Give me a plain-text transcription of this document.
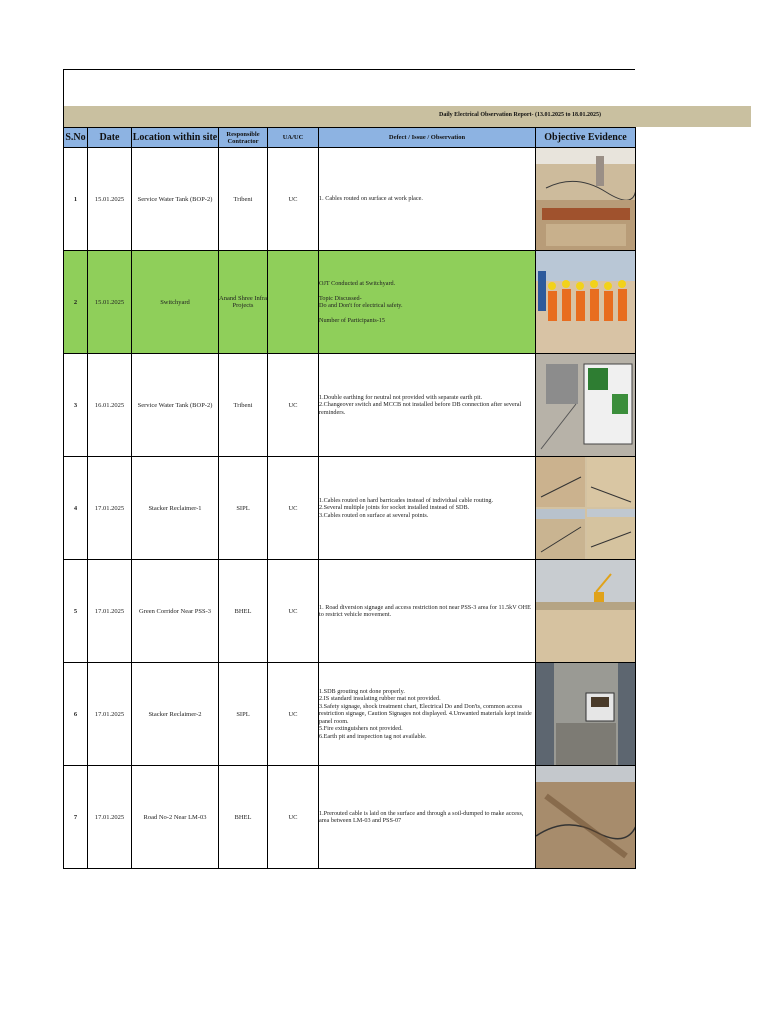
Daily Electrical Observation Report- (13.01.2025 to 18.01.2025)
S.No	Date	Location within site	Responsible Contractor	UA/UC	Defect / Issue / Observation	Objective Evidence
1	15.01.2025	Service Water Tank (BOP-2)	Tribeni	UC	1. Cables routed on surface at work place.

2	15.01.2025	Switchyard	Anand Shree Infra Projects		OJT Conducted at Switchyard.

Topic Discussed-
Do and Don't for electrical safety.

Number of Participants-15

3	16.01.2025	Service Water Tank (BOP-2)	Tribeni	UC	1.Double earthing for neutral not provided with separate earth pit.
2.Changeover switch and MCCB not installed before DB connection after several reminders.

4	17.01.2025	Stacker Reclaimer-1	SIPL	UC	1.Cables routed on hard barricades instead of individual cable routing.
2.Several multiple joints for socket installed instead of SDB.
3.Cables routed on surface at several points.

5	17.01.2025	Green Corridor Near PSS-3	BHEL	UC	1. Road diversion signage and access restriction not near PSS-3 area for 11.5kV OHE to restrict vehicle movement.

6	17.01.2025	Stacker Reclaimer-2	SIPL	UC	1.SDB grouting not done properly.
2.IS standard insulating rubber mat not provided.
3.Safety signage, shock treatment chart, Electrical Do and Don'ts, common access restriction signage, Caution Signages not displayed. 4.Unwanted materials kept inside panel room.
5.Fire extinguishers not provided.
6.Earth pit and inspection tag not available.

7	17.01.2025	Road No-2 Near LM-03	BHEL	UC	1.Prerouted cable is laid on the surface and through a soil-dumped to make access, area between LM-03 and PSS-07
